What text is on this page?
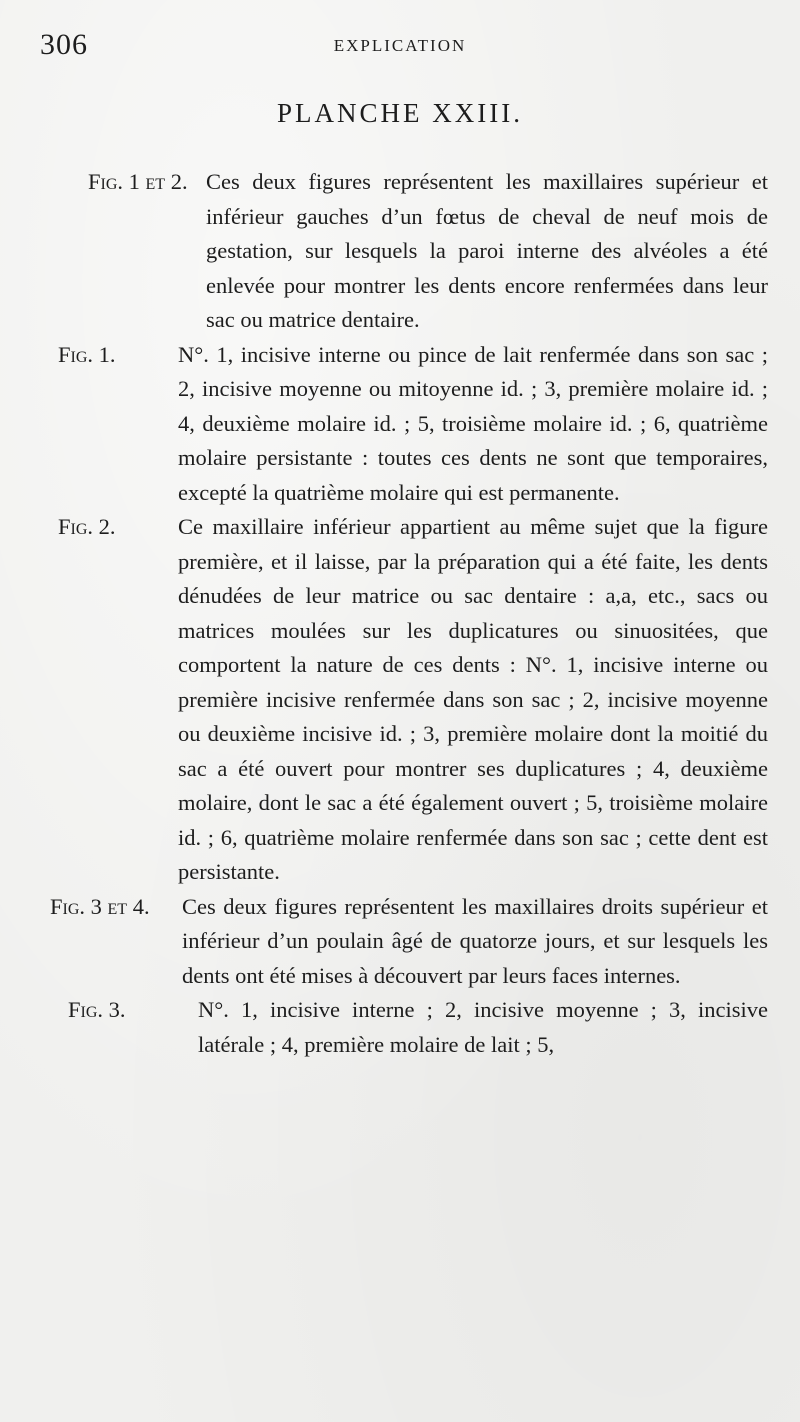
306	EXPLICATION
PLANCHE XXIII.
Fig. 1 et 2. Ces deux figures représentent les maxillaires supérieur et inférieur gauches d’un fœtus de cheval de neuf mois de gestation, sur lesquels la paroi interne des alvéoles a été enlevée pour montrer les dents encore renfermées dans leur sac ou matrice dentaire.
Fig. 1.	N°. 1, incisive interne ou pince de lait renfermée dans son sac ; 2, incisive moyenne ou mitoyenne id. ; 3, première molaire id. ; 4, deuxième molaire id. ; 5, troisième molaire id. ; 6, quatrième molaire persistante : toutes ces dents ne sont que temporaires, excepté la quatrième molaire qui est permanente.
Fig. 2.	Ce maxillaire inférieur appartient au même sujet que la figure première, et il laisse, par la préparation qui a été faite, les dents dénudées de leur matrice ou sac dentaire : a,a, etc., sacs ou matrices moulées sur les duplicatures ou sinuositées, que comportent la nature de ces dents : N°. 1, incisive interne ou première incisive renfermée dans son sac ; 2, incisive moyenne ou deuxième incisive id. ; 3, première molaire dont la moitié du sac a été ouvert pour montrer ses duplicatures ; 4, deuxième molaire, dont le sac a été également ouvert ; 5, troisième molaire id. ; 6, quatrième molaire renfermée dans son sac ; cette dent est persistante.
Fig. 3 et 4. Ces deux figures représentent les maxillaires droits supérieur et inférieur d’un poulain âgé de quatorze jours, et sur lesquels les dents ont été mises à découvert par leurs faces internes.
Fig. 3.	N°. 1, incisive interne ; 2, incisive moyenne ; 3, incisive latérale ; 4, première molaire de lait ; 5,
